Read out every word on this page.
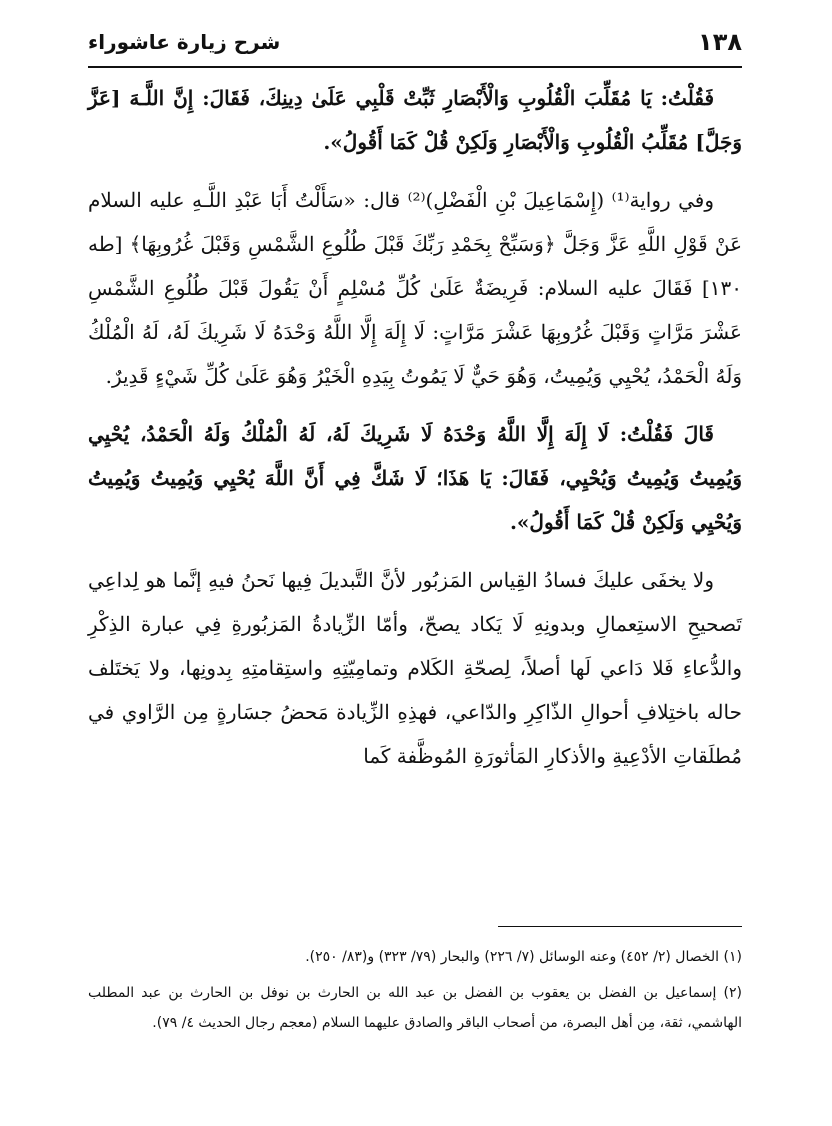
١٣٨
شرح زيارة عاشوراء

فَقُلْتُ: يَا مُقَلِّبَ الْقُلُوبِ وَالْأَبْصَارِ ثَبِّتْ قَلْبِي عَلَىٰ دِينِكَ، فَقَالَ: إِنَّ اللَّـهَ [عَزَّ وَجَلَّ] مُقَلِّبُ الْقُلُوبِ وَالْأَبْصَارِ وَلَكِنْ قُلْ كَمَا أَقُولُ».

وفي رواية⁽¹⁾ (إِسْمَاعِيلَ بْنِ الْفَضْلِ)⁽²⁾ قال: «سَأَلْتُ أَبَا عَبْدِ اللَّـهِ عليه السلام عَنْ قَوْلِ اللَّهِ عَزَّ وَجَلَّ ﴿وَسَبِّحْ بِحَمْدِ رَبِّكَ قَبْلَ طُلُوعِ الشَّمْسِ وَقَبْلَ غُرُوبِهَا﴾ [طه ١٣٠] فَقَالَ عليه السلام: فَرِيضَةٌ عَلَىٰ كُلِّ مُسْلِمٍ أَنْ يَقُولَ قَبْلَ طُلُوعِ الشَّمْسِ عَشْرَ مَرَّاتٍ وَقَبْلَ غُرُوبِهَا عَشْرَ مَرَّاتٍ: لَا إِلَهَ إِلَّا اللَّهُ وَحْدَهُ لَا شَرِيكَ لَهُ، لَهُ الْمُلْكُ وَلَهُ الْحَمْدُ، يُحْيِي وَيُمِيتُ، وَهُوَ حَيٌّ لَا يَمُوتُ بِيَدِهِ الْخَيْرُ وَهُوَ عَلَىٰ كُلِّ شَيْءٍ قَدِيرٌ.

قَالَ فَقُلْتُ: لَا إِلَهَ إِلَّا اللَّهُ وَحْدَهُ لَا شَرِيكَ لَهُ، لَهُ الْمُلْكُ وَلَهُ الْحَمْدُ، يُحْيِي وَيُمِيتُ وَيُمِيتُ وَيُحْيِي، فَقَالَ: يَا هَذَا؛ لَا شَكَّ فِي أَنَّ اللَّهَ يُحْيِي وَيُمِيتُ وَيُمِيتُ وَيُحْيِي وَلَكِنْ قُلْ كَمَا أَقُولُ».

ولا يخفَى عليكَ فسادُ القِياس المَزبُور لأنَّ التَّبديلَ فِيها نَحنُ فيهِ إنَّما هو لِداعِي تَصحيحِ الاستِعمالِ وبدونِهِ لَا يَكاد يصحّ، وأمّا الزِّيادةُ المَزبُورةِ فِي عبارة الذِكْرِ والدُّعاءِ فَلا دَاعي لَها أصلاً، لِصحّةِ الكَلام وتمامِيّتِهِ واستِقامتِهِ بِدونِها، ولا يَختَلف حاله باختِلافِ أحوالِ الذّاكِرِ والدّاعي، فهذِهِ الزِّيادة مَحضُ جسَارةٍ مِن الرَّاوي في مُطلَقاتِ الأدْعِيةِ والأذكارِ المَأثورَةِ المُوظَّفة كَما

(١) الخصال (٢/ ٤٥٢) وعنه الوسائل (٧/ ٢٢٦) والبحار (٧٩/ ٣٢٣) و(٨٣/ ٢٥٠).

(٢) إسماعيل بن الفضل بن يعقوب بن الفضل بن عبد الله بن الحارث بن نوفل بن الحارث بن عبد المطلب الهاشمي، ثقة، مِن أهل البصرة، من أصحاب الباقر والصادق عليهما السلام (معجم رجال الحديث ٤/ ٧٩).
